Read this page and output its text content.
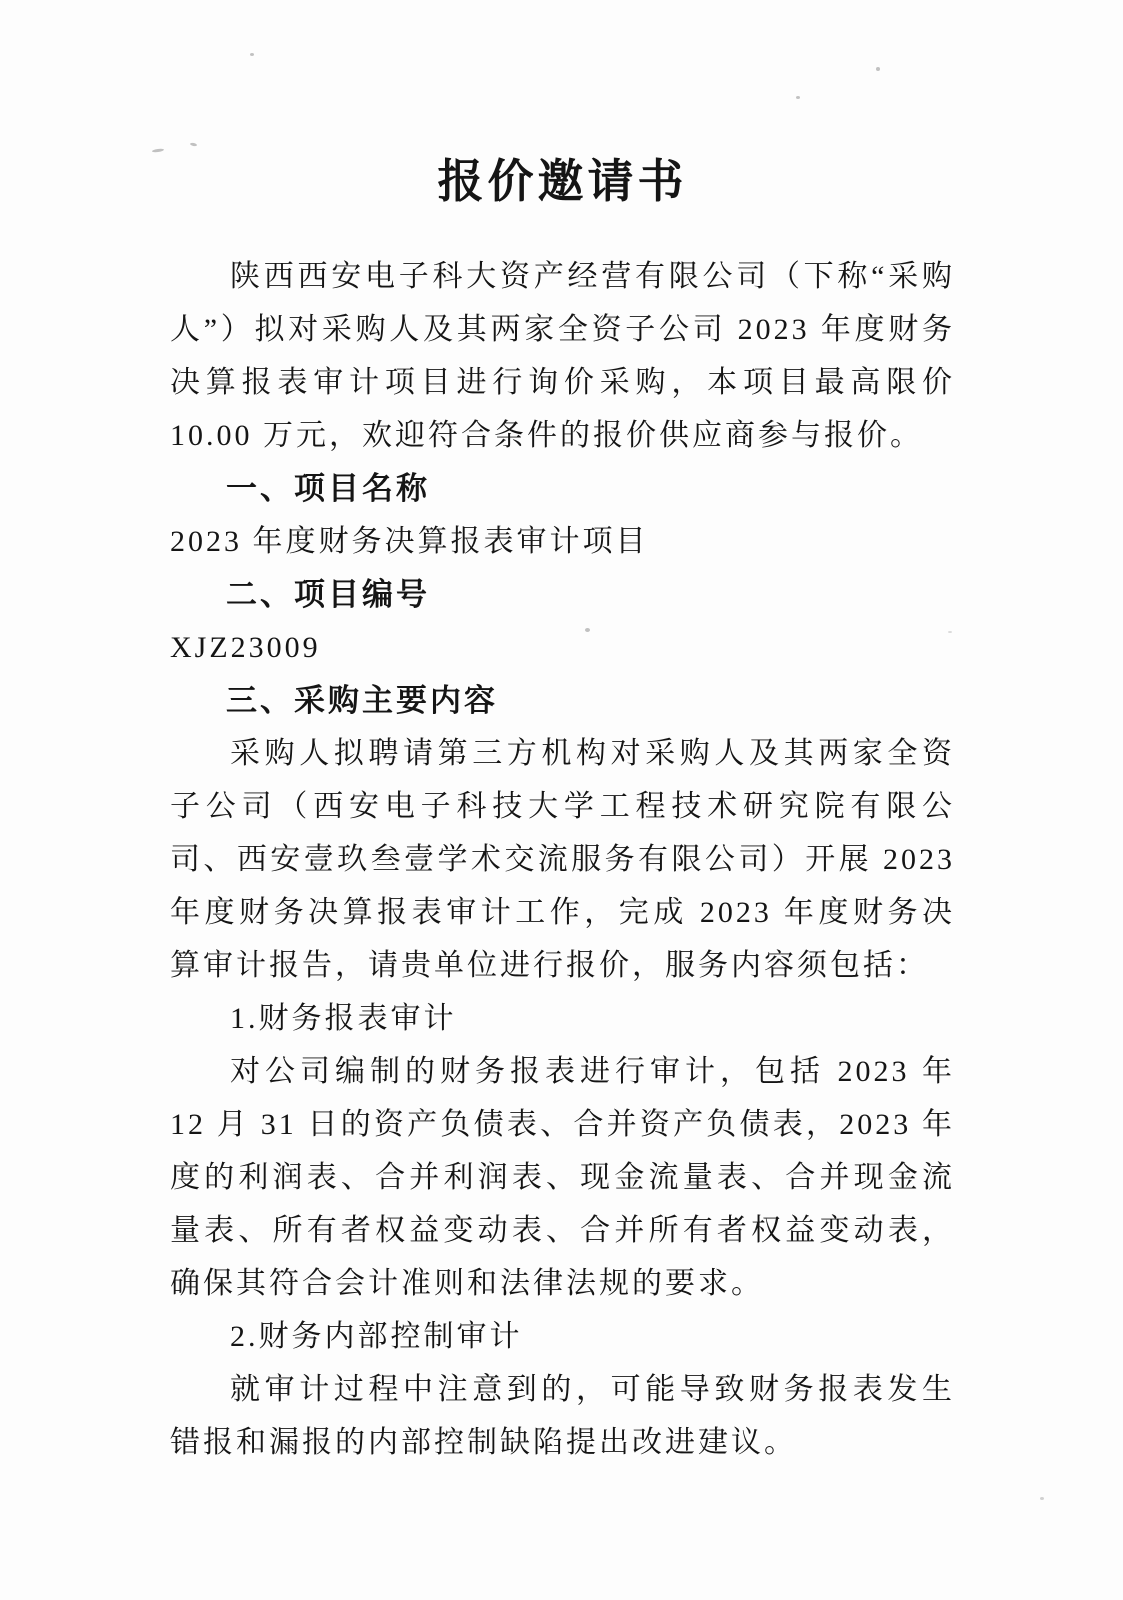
报价邀请书

陕西西安电子科大资产经营有限公司（下称“采购人”）拟对采购人及其两家全资子公司 2023 年度财务决算报表审计项目进行询价采购，本项目最高限价 10.00 万元，欢迎符合条件的报价供应商参与报价。

一、项目名称

2023 年度财务决算报表审计项目

二、项目编号

XJZ23009

三、采购主要内容

采购人拟聘请第三方机构对采购人及其两家全资子公司（西安电子科技大学工程技术研究院有限公司、西安壹玖叁壹学术交流服务有限公司）开展 2023 年度财务决算报表审计工作，完成 2023 年度财务决算审计报告，请贵单位进行报价，服务内容须包括：

1.财务报表审计

对公司编制的财务报表进行审计，包括 2023 年 12 月 31 日的资产负债表、合并资产负债表，2023 年度的利润表、合并利润表、现金流量表、合并现金流量表、所有者权益变动表、合并所有者权益变动表，确保其符合会计准则和法律法规的要求。

2.财务内部控制审计

就审计过程中注意到的，可能导致财务报表发生错报和漏报的内部控制缺陷提出改进建议。
